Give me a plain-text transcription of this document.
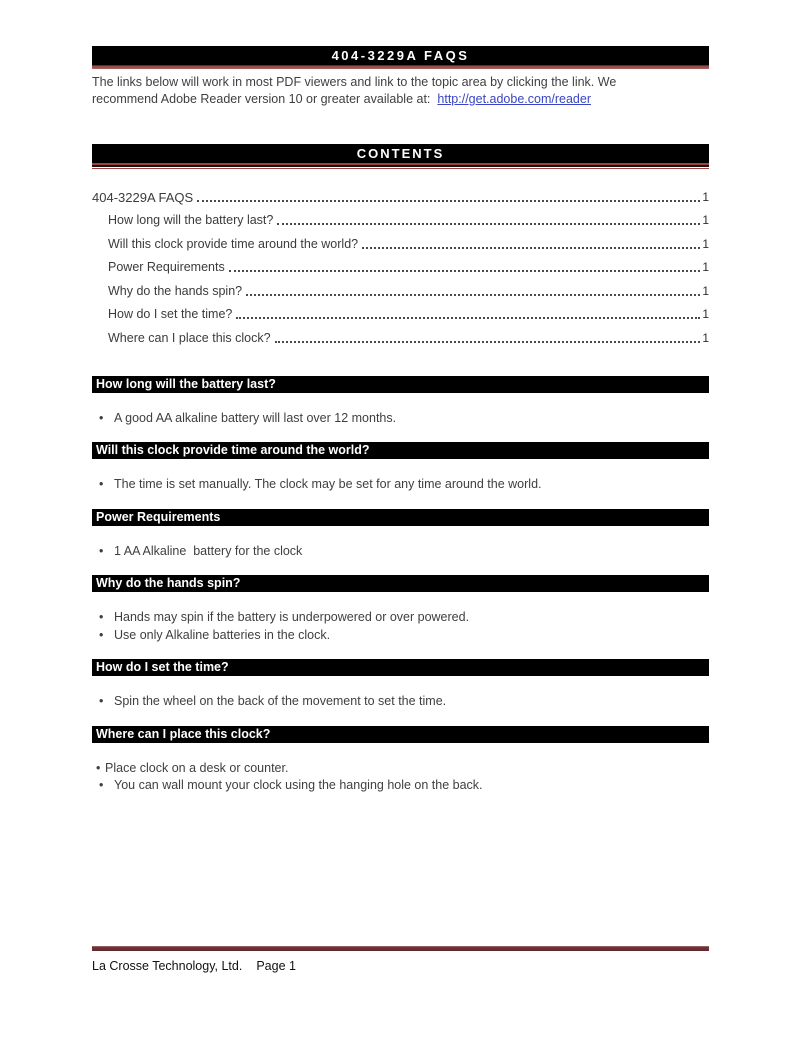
404-3229A FAQS

The links below will work in most PDF viewers and link to the topic area by clicking the link. We
recommend Adobe Reader version 10 or greater available at: http://get.adobe.com/reader

CONTENTS
404-3229A FAQS	1
How long will the battery last?	1
Will this clock provide time around the world?	1
Power Requirements	1
Why do the hands spin?	1
How do I set the time?	1
Where can I place this clock?	1
How long will the battery last?
• A good AA alkaline battery will last over 12 months.
Will this clock provide time around the world?
• The time is set manually. The clock may be set for any time around the world.
Power Requirements
• 1 AA Alkaline  battery for the clock
Why do the hands spin?
• Hands may spin if the battery is underpowered or over powered.
• Use only Alkaline batteries in the clock.
How do I set the time?
• Spin the wheel on the back of the movement to set the time.
Where can I place this clock?
• Place clock on a desk or counter.
• You can wall mount your clock using the hanging hole on the back.
La Crosse Technology, Ltd. Page 1
